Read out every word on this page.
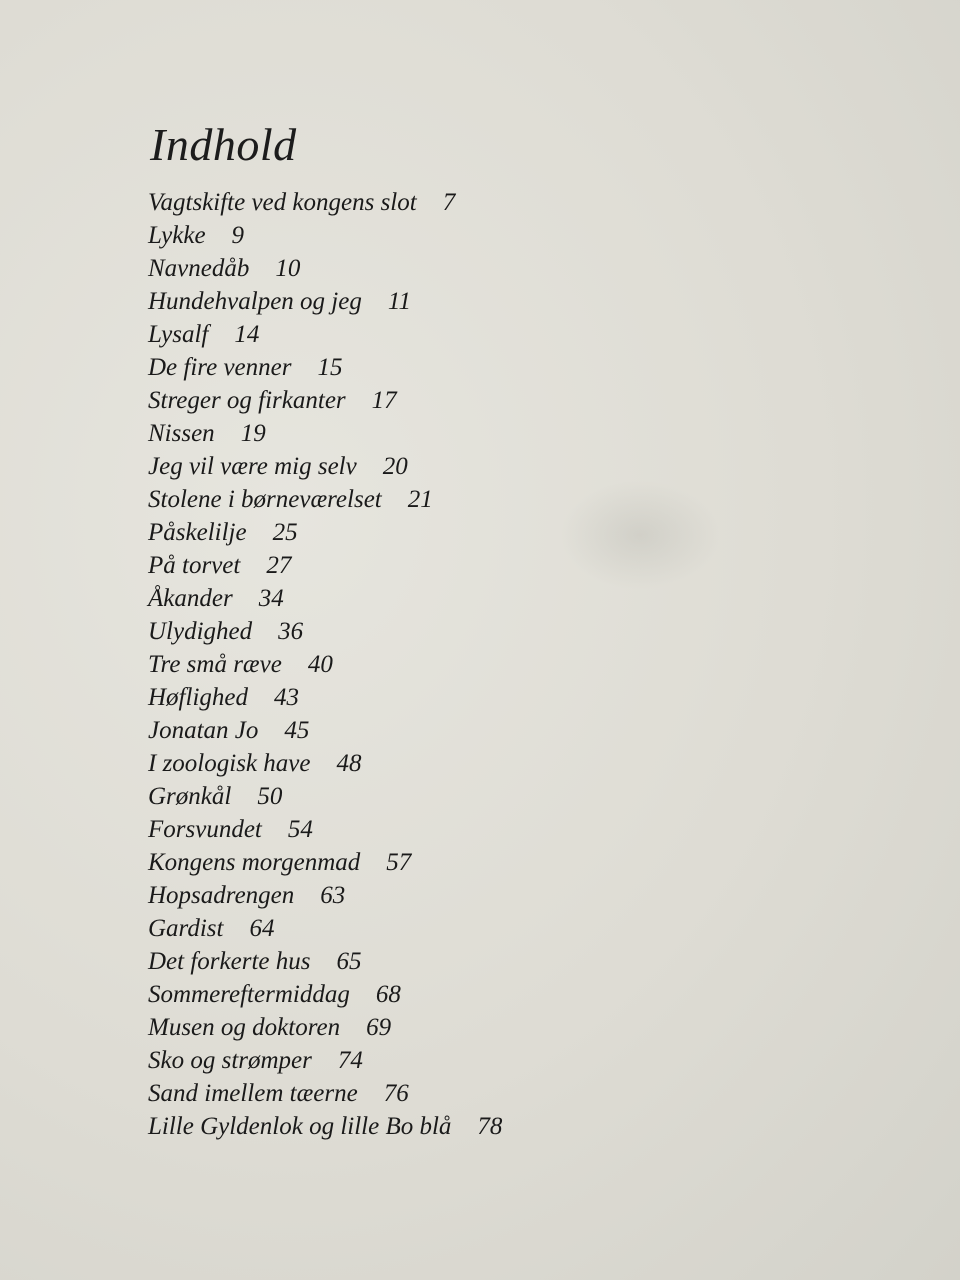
Indhold
Vagtskifte ved kongens slot 7
Lykke 9
Navnedåb 10
Hundehvalpen og jeg 11
Lysalf 14
De fire venner 15
Streger og firkanter 17
Nissen 19
Jeg vil være mig selv 20
Stolene i børneværelset 21
Påskelilje 25
På torvet 27
Åkander 34
Ulydighed 36
Tre små ræve 40
Høflighed 43
Jonatan Jo 45
I zoologisk have 48
Grønkål 50
Forsvundet 54
Kongens morgenmad 57
Hopsadrengen 63
Gardist 64
Det forkerte hus 65
Sommereftermiddag 68
Musen og doktoren 69
Sko og strømper 74
Sand imellem tæerne 76
Lille Gyldenlok og lille Bo blå 78
